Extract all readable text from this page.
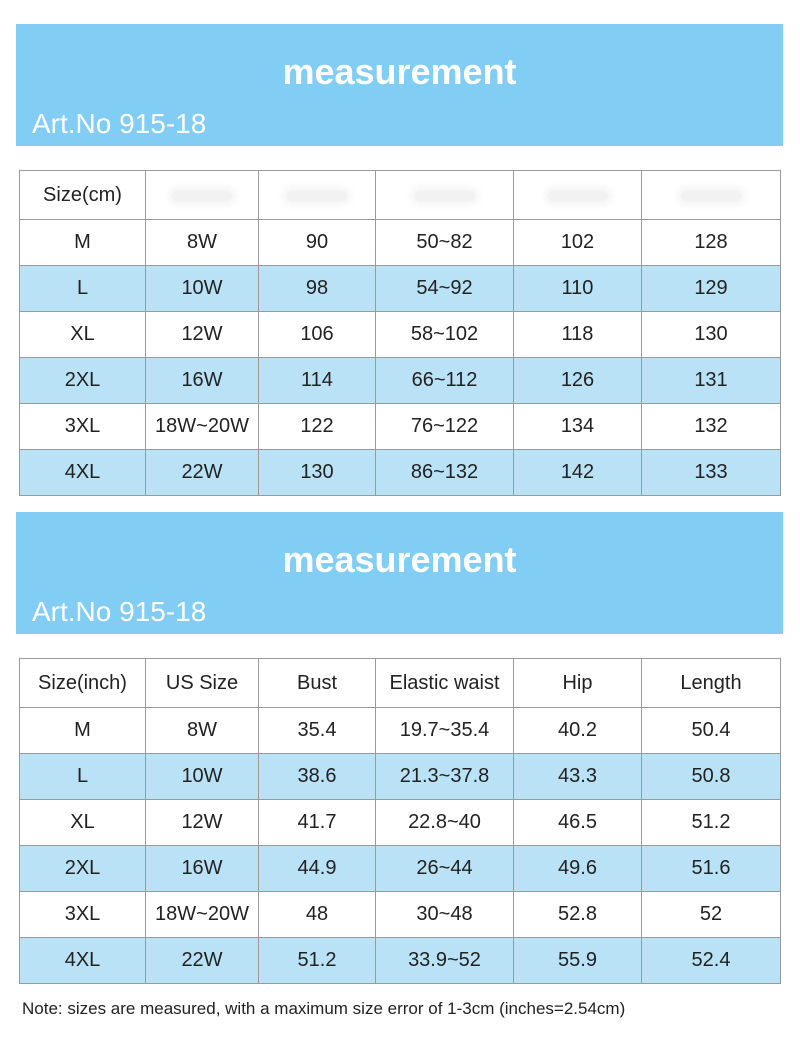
measurement
Art.No 915-18
Size(cm)					
M	8W	90	50~82	102	128
L	10W	98	54~92	110	129
XL	12W	106	58~102	118	130
2XL	16W	114	66~112	126	131
3XL	18W~20W	122	76~122	134	132
4XL	22W	130	86~132	142	133
measurement
Art.No 915-18
Size(inch)	US Size	Bust	Elastic waist	Hip	Length
M	8W	35.4	19.7~35.4	40.2	50.4
L	10W	38.6	21.3~37.8	43.3	50.8
XL	12W	41.7	22.8~40	46.5	51.2
2XL	16W	44.9	26~44	49.6	51.6
3XL	18W~20W	48	30~48	52.8	52
4XL	22W	51.2	33.9~52	55.9	52.4
Note: sizes are measured, with a maximum size error of 1-3cm (inches=2.54cm)
